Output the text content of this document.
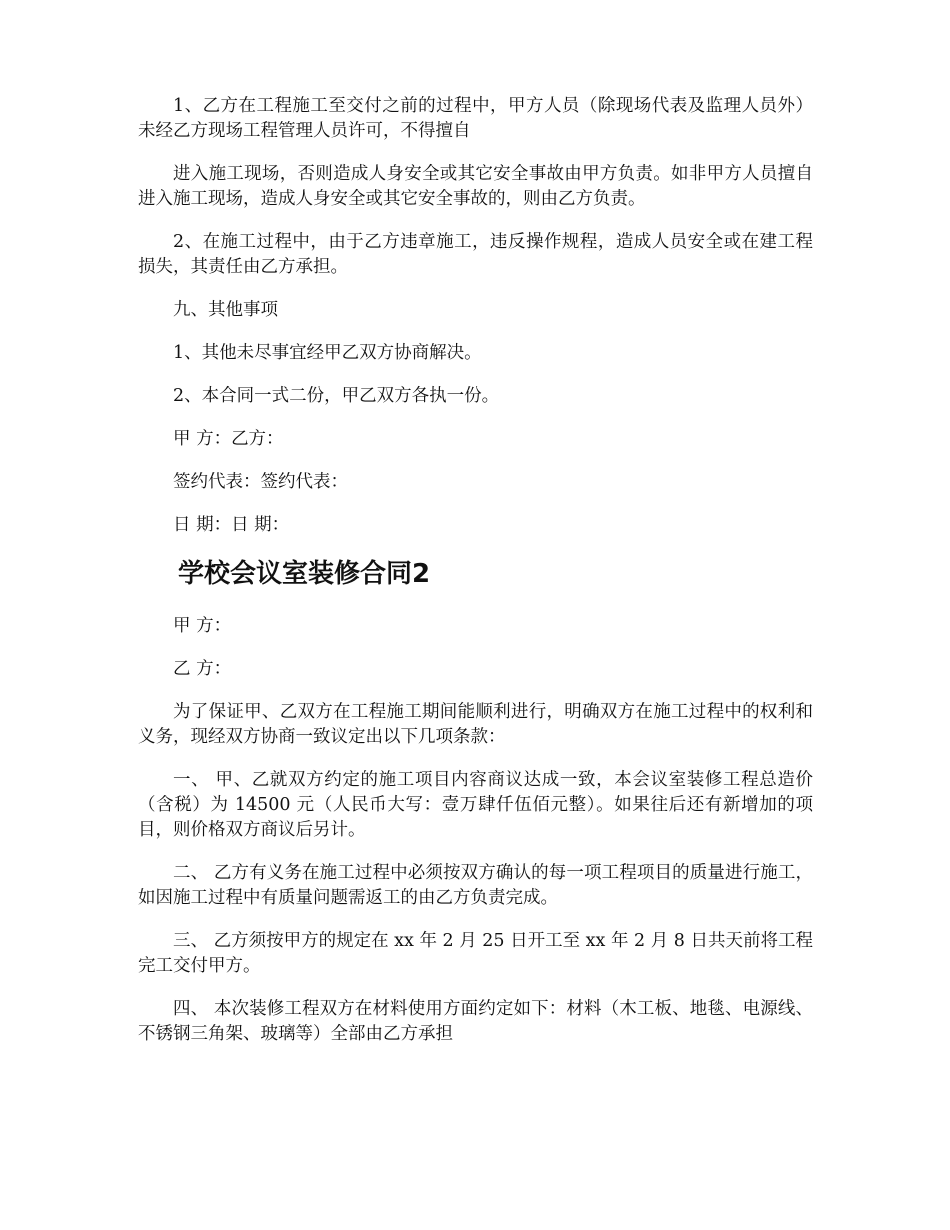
1、乙方在工程施工至交付之前的过程中，甲方人员（除现场代表及监理人员外）未经乙方现场工程管理人员许可，不得擅自

进入施工现场，否则造成人身安全或其它安全事故由甲方负责。如非甲方人员擅自进入施工现场，造成人身安全或其它安全事故的，则由乙方负责。

2、在施工过程中，由于乙方违章施工，违反操作规程，造成人员安全或在建工程损失，其责任由乙方承担。

九、其他事项

1、其他未尽事宜经甲乙双方协商解决。

2、本合同一式二份，甲乙双方各执一份。

甲 方：乙方：

签约代表：签约代表：

日 期：日 期：

学校会议室装修合同2

甲 方：

乙 方：

为了保证甲、乙双方在工程施工期间能顺利进行，明确双方在施工过程中的权利和义务，现经双方协商一致议定出以下几项条款：

一、 甲、乙就双方约定的施工项目内容商议达成一致，本会议室装修工程总造价（含税）为 14500 元（人民币大写：壹万肆仟伍佰元整）。如果往后还有新增加的项目，则价格双方商议后另计。

二、 乙方有义务在施工过程中必须按双方确认的每一项工程项目的质量进行施工，如因施工过程中有质量问题需返工的由乙方负责完成。

三、 乙方须按甲方的规定在 xx 年 2 月 25 日开工至 xx 年 2 月 8 日共天前将工程完工交付甲方。

四、 本次装修工程双方在材料使用方面约定如下：材料（木工板、地毯、电源线、不锈钢三角架、玻璃等）全部由乙方承担
